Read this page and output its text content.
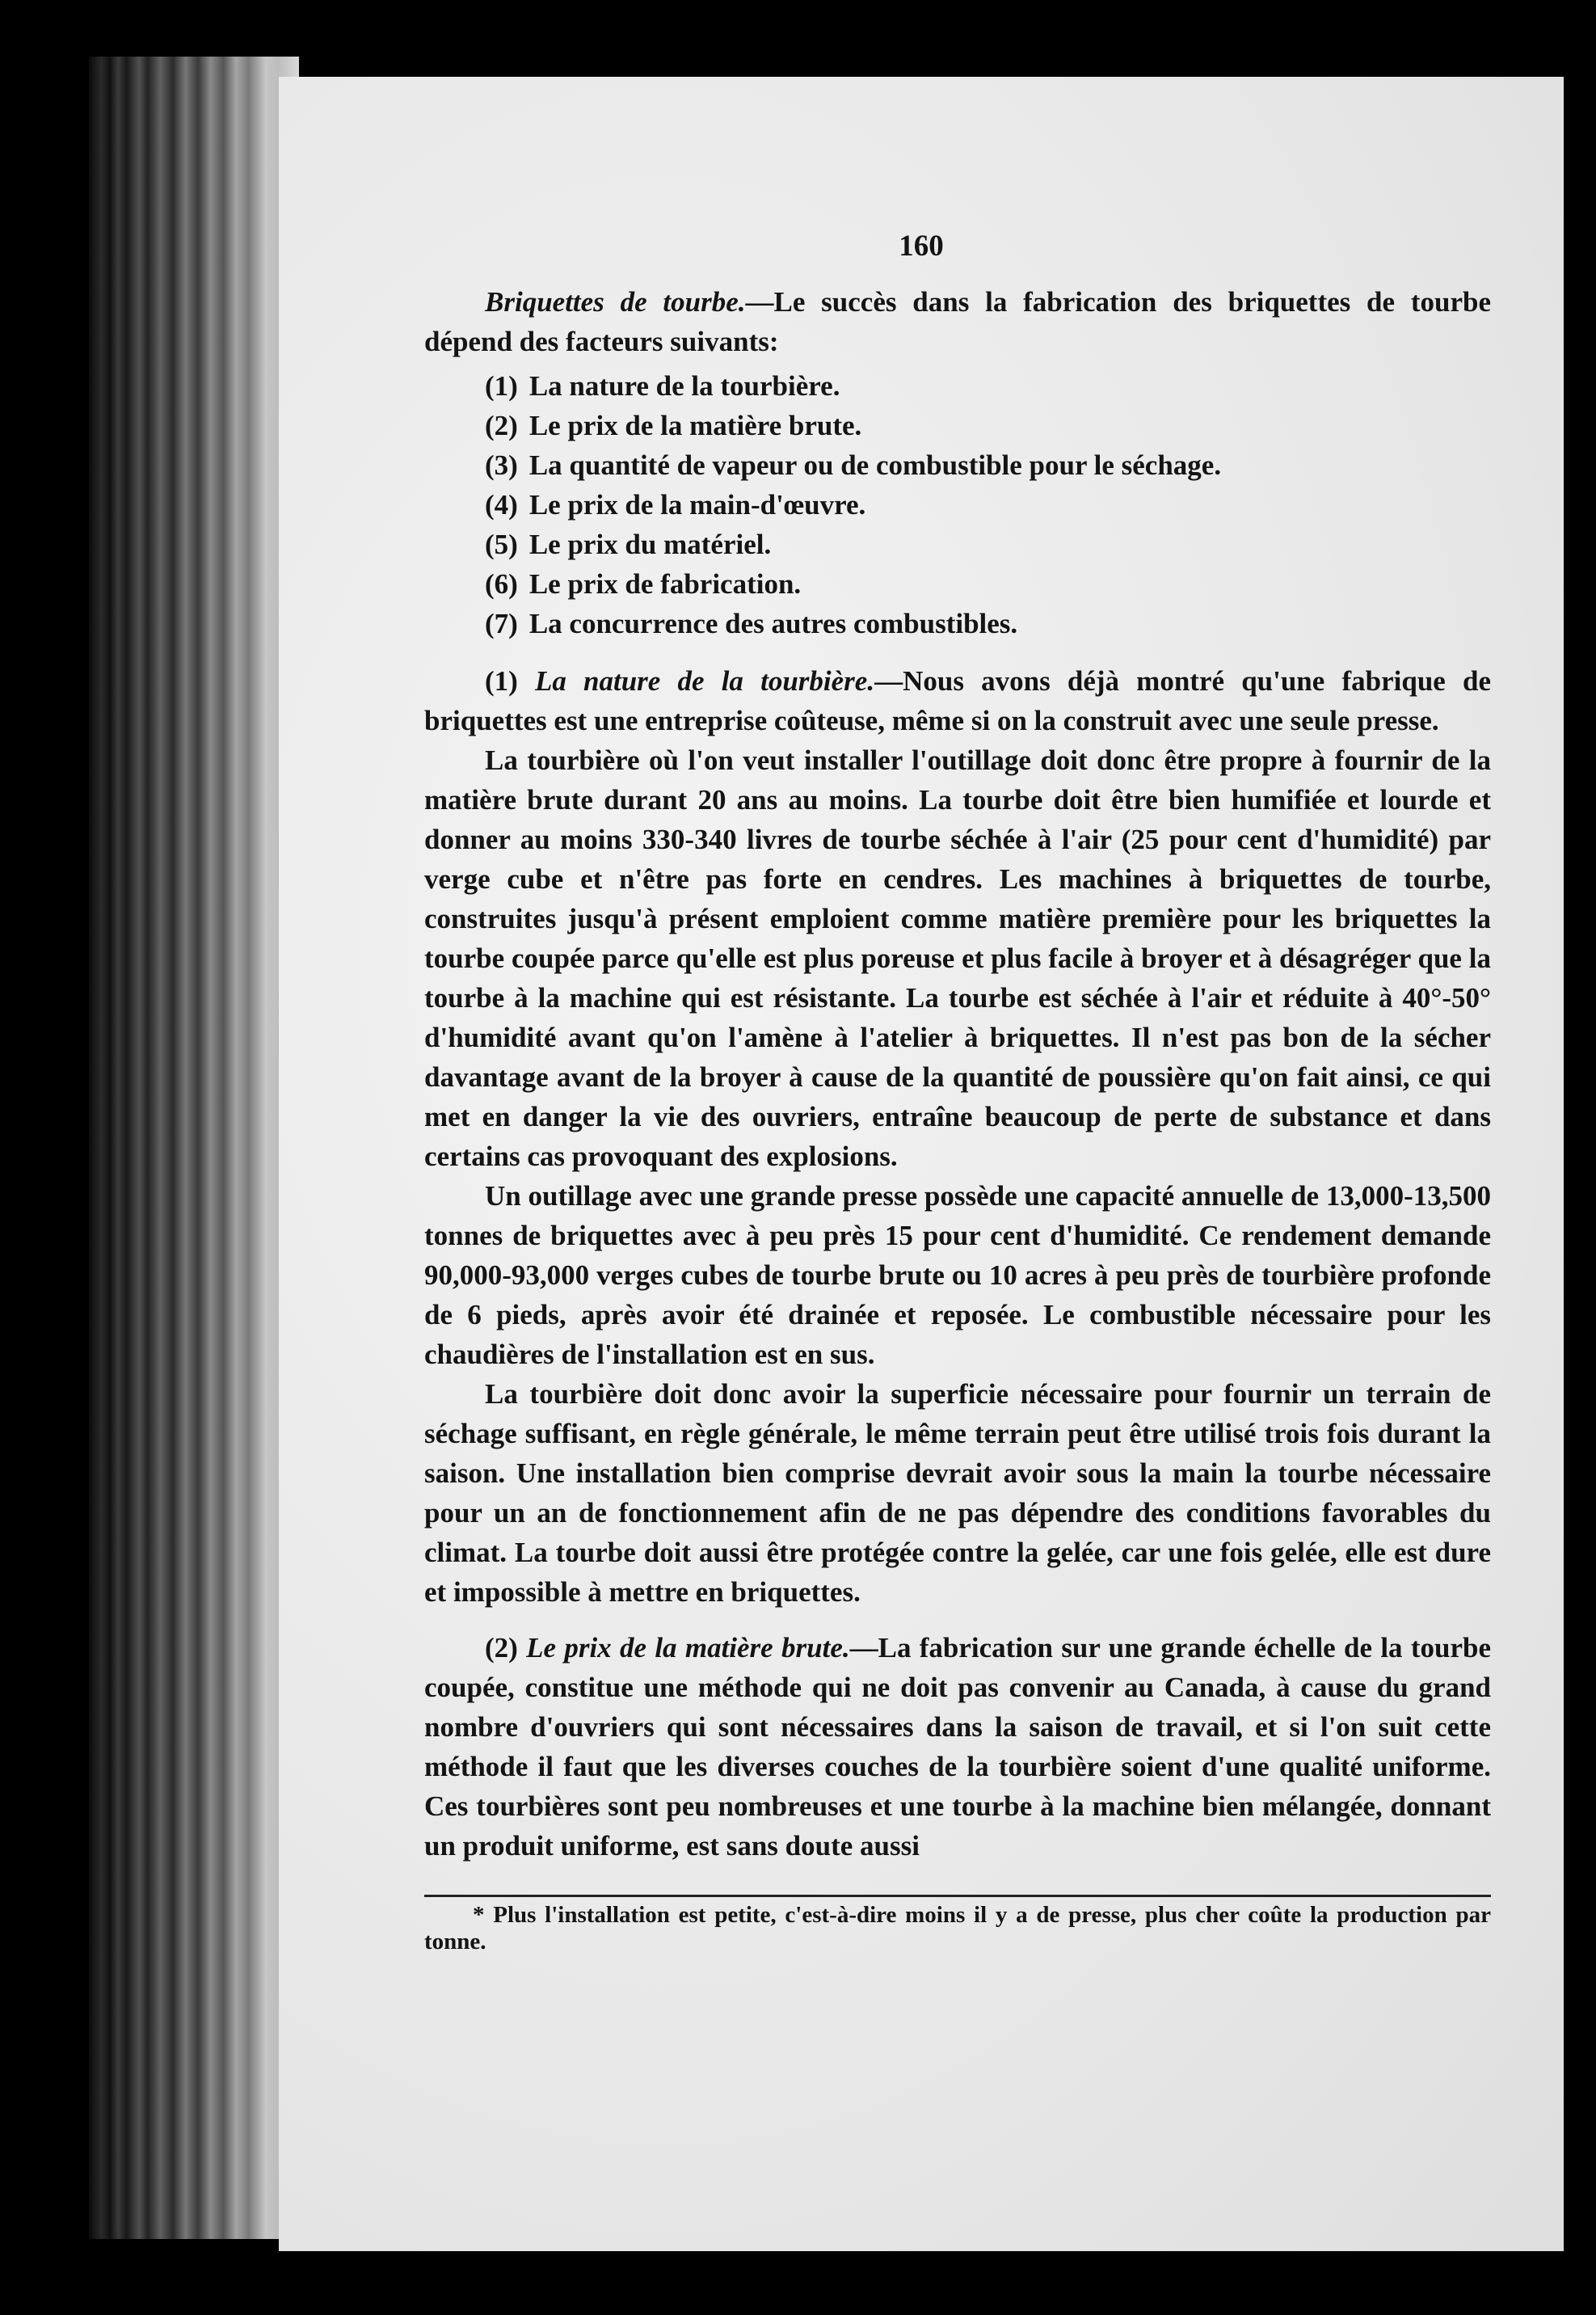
160

Briquettes de tourbe.—Le succès dans la fabrication des briquettes de tourbe dépend des facteurs suivants:

(1) La nature de la tourbière.
(2) Le prix de la matière brute.
(3) La quantité de vapeur ou de combustible pour le séchage.
(4) Le prix de la main-d'œuvre.
(5) Le prix du matériel.
(6) Le prix de fabrication.
(7) La concurrence des autres combustibles.

(1) La nature de la tourbière.—Nous avons déjà montré qu'une fabrique de briquettes est une entreprise coûteuse, même si on la construit avec une seule presse.

La tourbière où l'on veut installer l'outillage doit donc être propre à fournir de la matière brute durant 20 ans au moins. La tourbe doit être bien humifiée et lourde et donner au moins 330-340 livres de tourbe séchée à l'air (25 pour cent d'humidité) par verge cube et n'être pas forte en cendres. Les machines à briquettes de tourbe, construites jusqu'à présent emploient comme matière première pour les briquettes la tourbe coupée parce qu'elle est plus poreuse et plus facile à broyer et à désagréger que la tourbe à la machine qui est résistante. La tourbe est séchée à l'air et réduite à 40°-50° d'humidité avant qu'on l'amène à l'atelier à briquettes. Il n'est pas bon de la sécher davantage avant de la broyer à cause de la quantité de poussière qu'on fait ainsi, ce qui met en danger la vie des ouvriers, entraîne beaucoup de perte de substance et dans certains cas provoquant des explosions.

Un outillage avec une grande presse possède une capacité annuelle de 13,000-13,500 tonnes de briquettes avec à peu près 15 pour cent d'humidité. Ce rendement demande 90,000-93,000 verges cubes de tourbe brute ou 10 acres à peu près de tourbière profonde de 6 pieds, après avoir été drainée et reposée. Le combustible nécessaire pour les chaudières de l'installation est en sus.

La tourbière doit donc avoir la superficie nécessaire pour fournir un terrain de séchage suffisant, en règle générale, le même terrain peut être utilisé trois fois durant la saison. Une installation bien comprise devrait avoir sous la main la tourbe nécessaire pour un an de fonctionnement afin de ne pas dépendre des conditions favorables du climat. La tourbe doit aussi être protégée contre la gelée, car une fois gelée, elle est dure et impossible à mettre en briquettes.

(2) Le prix de la matière brute.—La fabrication sur une grande échelle de la tourbe coupée, constitue une méthode qui ne doit pas convenir au Canada, à cause du grand nombre d'ouvriers qui sont nécessaires dans la saison de travail, et si l'on suit cette méthode il faut que les diverses couches de la tourbière soient d'une qualité uniforme. Ces tourbières sont peu nombreuses et une tourbe à la machine bien mélangée, donnant un produit uniforme, est sans doute aussi

* Plus l'installation est petite, c'est-à-dire moins il y a de presse, plus cher coûte la production par tonne.
